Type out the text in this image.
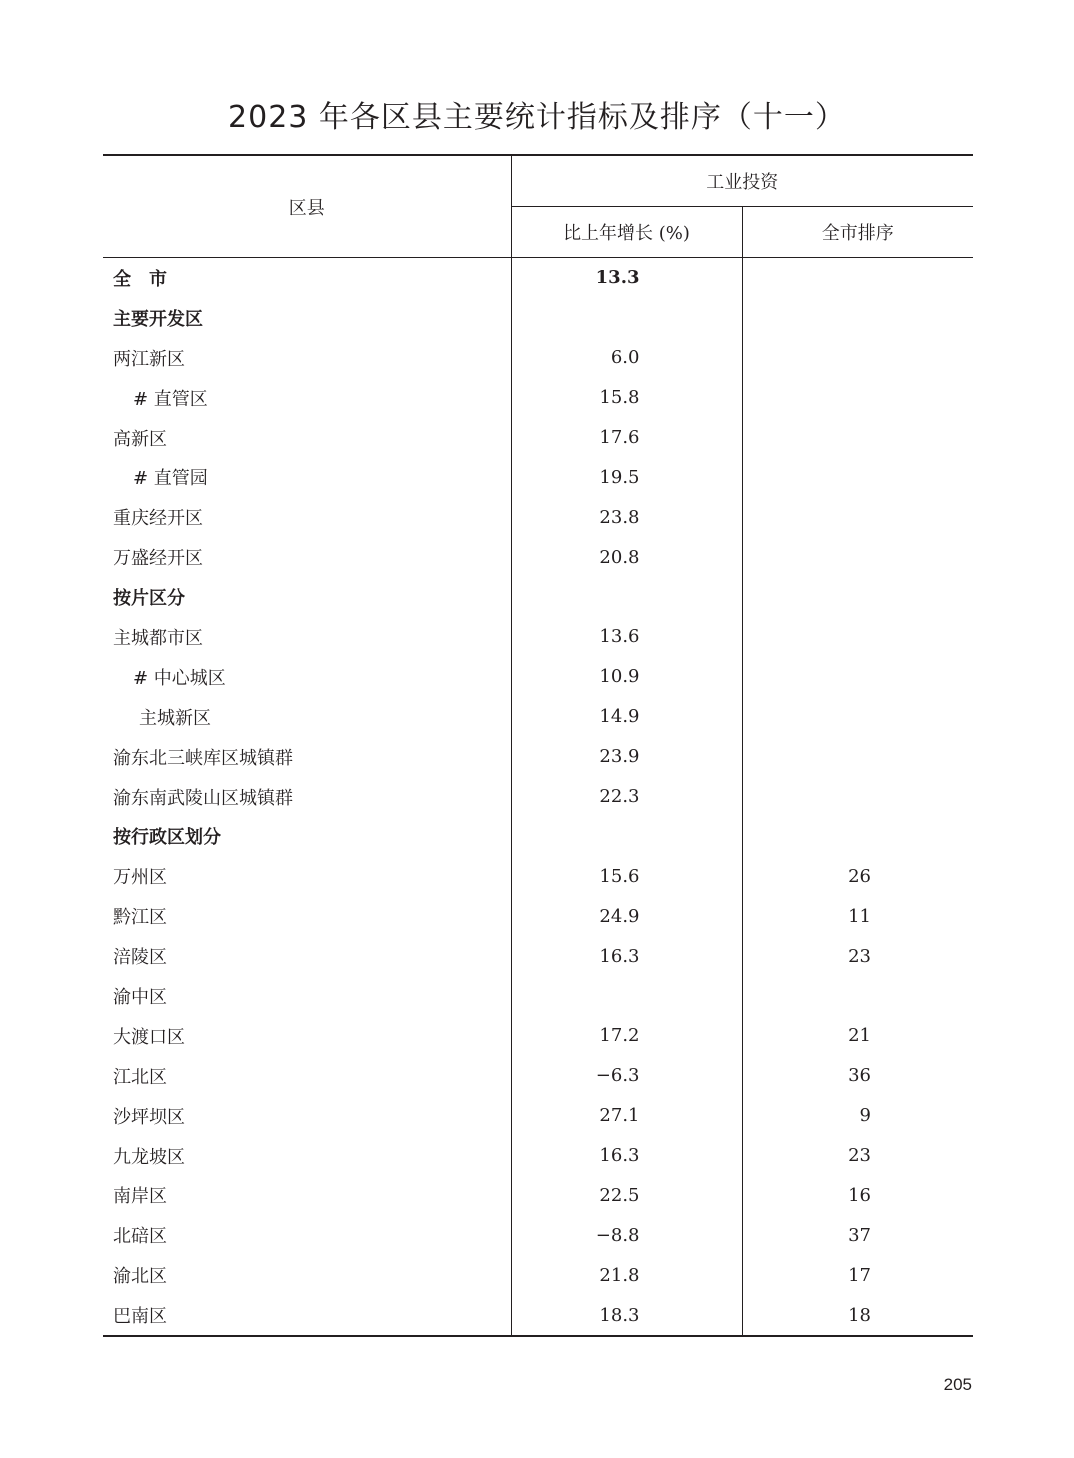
2023 年各区县主要统计指标及排序（十一）
区县	工业投资	
	比上年增长 (%)	全市排序
全　市	13.3	
主要开发区		
两江新区	6.0	
# 直管区	15.8	
高新区	17.6	
# 直管园	19.5	
重庆经开区	23.8	
万盛经开区	20.8	
按片区分		
主城都市区	13.6	
# 中心城区	10.9	
主城新区	14.9	
渝东北三峡库区城镇群	23.9	
渝东南武陵山区城镇群	22.3	
按行政区划分		
万州区	15.6	26
黔江区	24.9	11
涪陵区	16.3	23
渝中区		
大渡口区	17.2	21
江北区	−6.3	36
沙坪坝区	27.1	9
九龙坡区	16.3	23
南岸区	22.5	16
北碚区	−8.8	37
渝北区	21.8	17
巴南区	18.3	18
205
